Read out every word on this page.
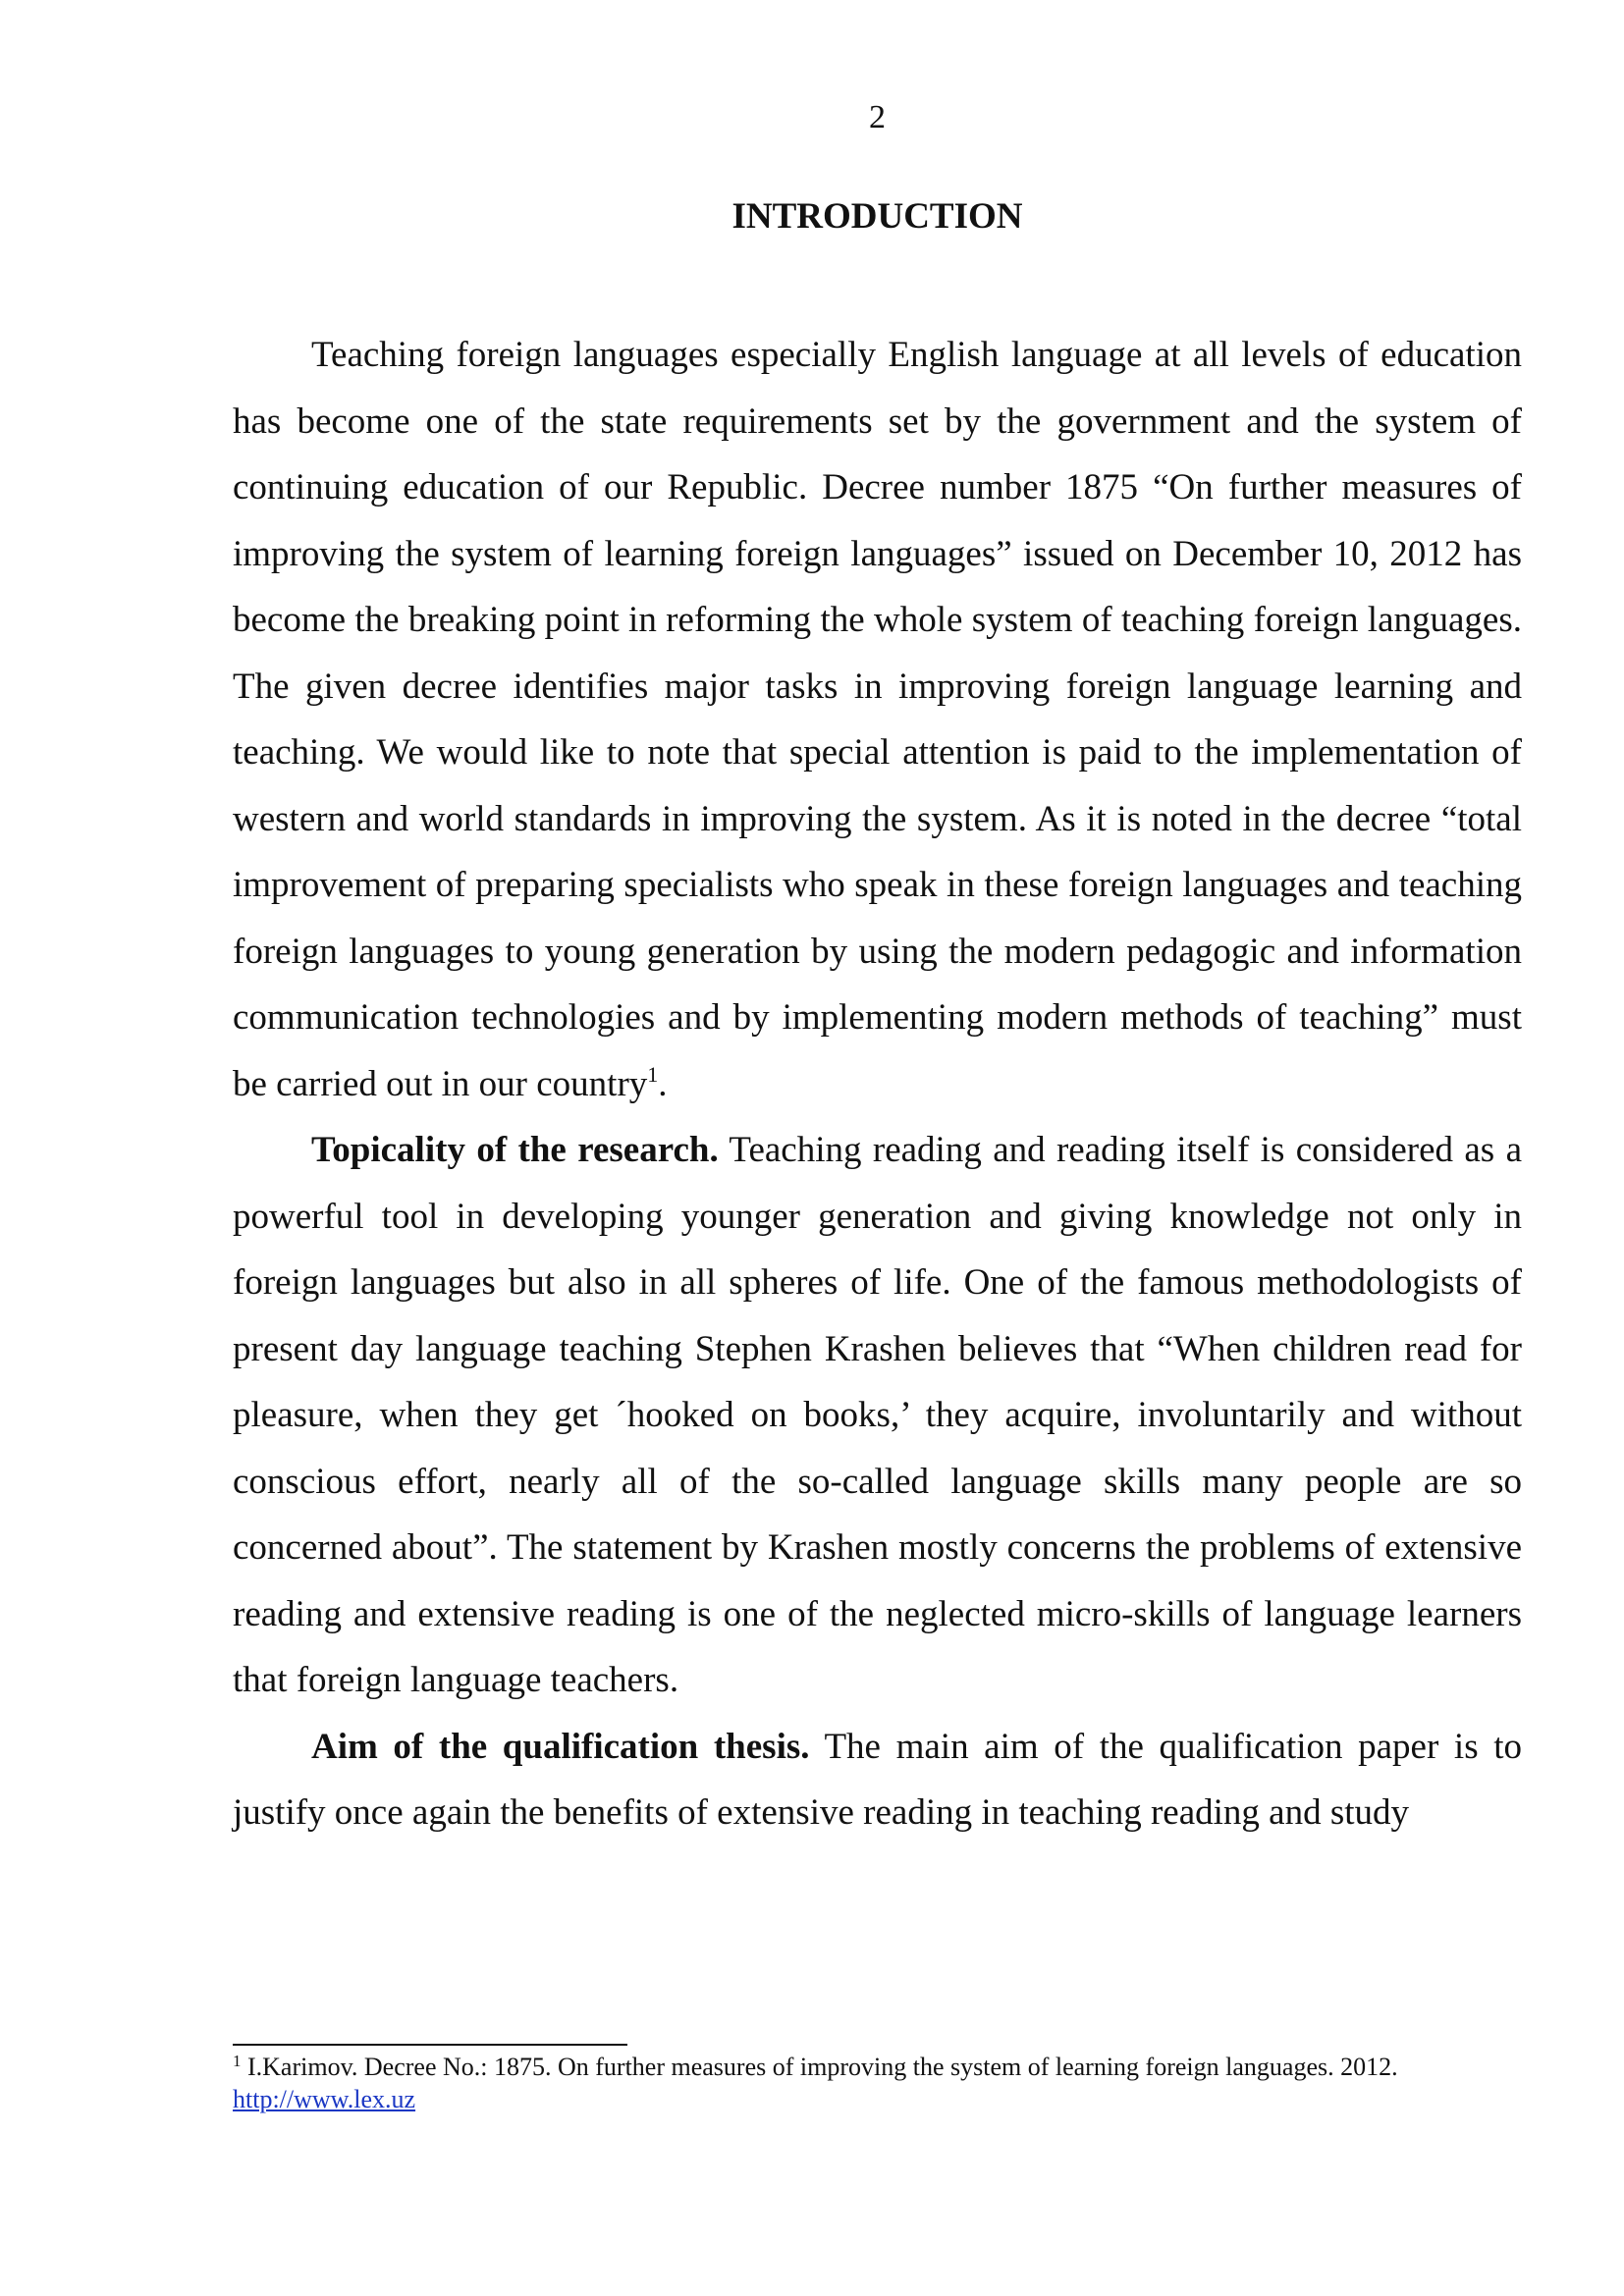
2
INTRODUCTION

Teaching foreign languages especially English language at all levels of education has become one of the state requirements set by the government and the system of continuing education of our Republic. Decree number 1875 “On further measures of improving the system of learning foreign languages” issued on December 10, 2012 has become the breaking point in reforming the whole system of teaching foreign languages. The given decree identifies major tasks in improving foreign language learning and teaching. We would like to note that special attention is paid to the implementation of western and world standards in improving the system. As it is noted in the decree “total improvement of preparing specialists who speak in these foreign languages and teaching foreign languages to young generation by using the modern pedagogic and information communication technologies and by implementing modern methods of teaching” must be carried out in our country$^1$.

Topicality of the research. Teaching reading and reading itself is considered as a powerful tool in developing younger generation and giving knowledge not only in foreign languages but also in all spheres of life. One of the famous methodologists of present day language teaching Stephen Krashen believes that “When children read for pleasure, when they get ´hooked on books,’ they acquire, involuntarily and without conscious effort, nearly all of the so-called language skills many people are so concerned about”. The statement by Krashen mostly concerns the problems of extensive reading and extensive reading is one of the neglected micro-skills of language learners that foreign language teachers.

Aim of the qualification thesis. The main aim of the qualification paper is to justify once again the benefits of extensive reading in teaching reading and study

$^1$ I.Karimov. Decree No.: 1875. On further measures of improving the system of learning foreign languages. 2012.
http://www.lex.uz
